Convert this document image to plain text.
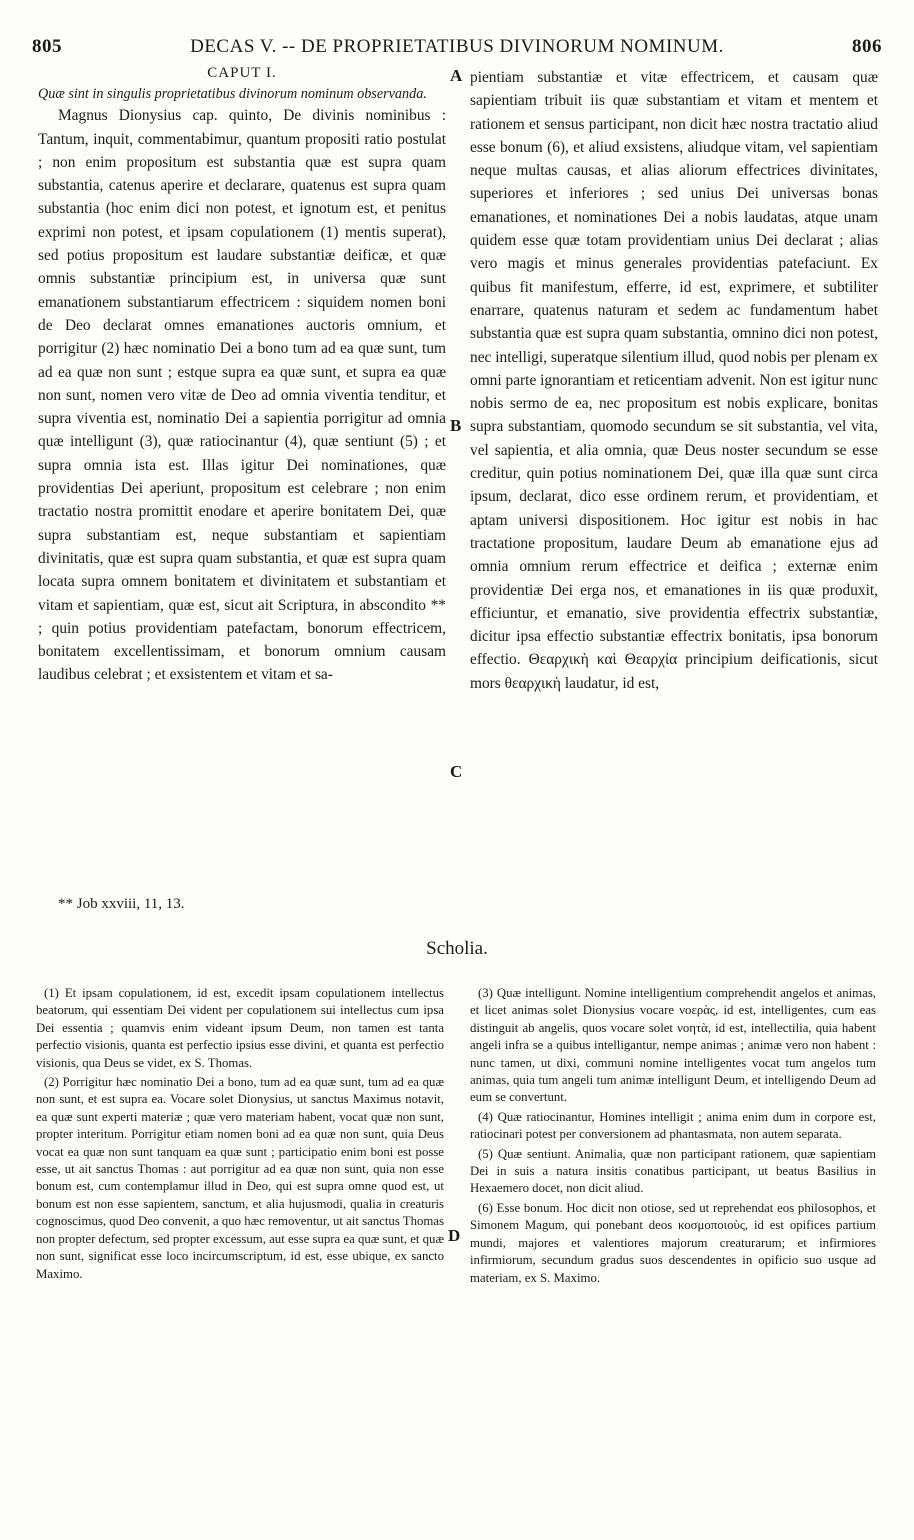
805	DECAS V. -- DE PROPRIETATIBUS DIVINORUM NOMINUM.	806

CAPUT I.

Quæ sint in singulis proprietatibus divinorum nominum observanda.

Magnus Dionysius cap. quinto, De divinis nominibus : Tantum, inquit, commentabimur, quantum propositi ratio postulat ; non enim propositum est substantia quæ est supra quam substantia, catenus aperire et declarare, quatenus est supra quam substantia (hoc enim dici non potest, et ignotum est, et penitus exprimi non potest, et ipsam copulationem (1) mentis superat), sed potius propositum est laudare substantiæ deificæ, et quæ omnis substantiæ principium est, in universa quæ sunt emanationem substantiarum effectricem : siquidem nomen boni de Deo declarat omnes emanationes auctoris omnium, et porrigitur (2) hæc nominatio Dei a bono tum ad ea quæ sunt, tum ad ea quæ non sunt ; estque supra ea quæ sunt, et supra ea quæ non sunt, nomen vero vitæ de Deo ad omnia viventia tenditur, et supra viventia est, nominatio Dei a sapientia porrigitur ad omnia quæ intelligunt (3), quæ ratiocinantur (4), quæ sentiunt (5) ; et supra omnia ista est. Illas igitur Dei nominationes, quæ providentias Dei aperiunt, propositum est celebrare ; non enim tractatio nostra promittit enodare et aperire bonitatem Dei, quæ supra substantiam est, neque substantiam et sapientiam divinitatis, quæ est supra quam substantia, et quæ est supra quam locata supra omnem bonitatem et divinitatem et substantiam et vitam et sapientiam, quæ est, sicut ait Scriptura, in abscondito ** ; quin potius providentiam patefactam, bonorum effectricem, bonitatem excellentissimam, et bonorum omnium causam laudibus celebrat ; et exsistentem et vitam et sa-

pientiam substantiæ et vitæ effectricem, et causam quæ sapientiam tribuit iis quæ substantiam et vitam et mentem et rationem et sensus participant, non dicit hæc nostra tractatio aliud esse bonum (6), et aliud exsistens, aliudque vitam, vel sapientiam neque multas causas, et alias aliorum effectrices divinitates, superiores et inferiores ; sed unius Dei universas bonas emanationes, et nominationes Dei a nobis laudatas, atque unam quidem esse quæ totam providentiam unius Dei declarat ; alias vero magis et minus generales providentias patefaciunt. Ex quibus fit manifestum, efferre, id est, exprimere, et subtiliter enarrare, quatenus naturam et sedem ac fundamentum habet substantia quæ est supra quam substantia, omnino dici non potest, nec intelligi, superatque silentium illud, quod nobis per plenam ex omni parte ignorantiam et reticentiam advenit. Non est igitur nunc nobis sermo de ea, nec propositum est nobis explicare, bonitas supra substantiam, quomodo secundum se sit substantia, vel vita, vel sapientia, et alia omnia, quæ Deus noster secundum se esse creditur, quin potius nominationem Dei, quæ illa quæ sunt circa ipsum, declarat, dico esse ordinem rerum, et providentiam, et aptam universi dispositionem. Hoc igitur est nobis in hac tractatione propositum, laudare Deum ab emanatione ejus ad omnia omnium rerum effectrice et deifica ; externæ enim providentiæ Dei erga nos, et emanationes in iis quæ produxit, efficiuntur, et emanatio, sive providentia effectrix substantiæ, dicitur ipsa effectio substantiæ effectrix bonitatis, ipsa bonorum effectio. Θεαρχικὴ καὶ Θεαρχία principium deificationis, sicut mors θεαρχικὴ laudatur, id est,

A
B
C
D
** Job xxviii, 11, 13.
Scholia.

(1) Et ipsam copulationem, id est, excedit ipsam copulationem intellectus beatorum, qui essentiam Dei vident per copulationem sui intellectus cum ipsa Dei essentia ; quamvis enim videant ipsum Deum, non tamen est tanta perfectio visionis, quanta est perfectio ipsius esse divini, et quanta est perfectio visionis, qua Deus se videt, ex S. Thomas.

(2) Porrigitur hæc nominatio Dei a bono, tum ad ea quæ sunt, tum ad ea quæ non sunt, et est supra ea. Vocare solet Dionysius, ut sanctus Maximus notavit, ea quæ sunt experti materiæ ; quæ vero materiam habent, vocat quæ non sunt, propter interitum. Porrigitur etiam nomen boni ad ea quæ non sunt, quia Deus vocat ea quæ non sunt tanquam ea quæ sunt ; participatio enim boni est posse esse, ut ait sanctus Thomas : aut porrigitur ad ea quæ non sunt, quia non esse bonum est, cum contemplamur illud in Deo, qui est supra omne quod est, ut bonum est non esse sapientem, sanctum, et alia hujusmodi, qualia in creaturis cognoscimus, quod Deo convenit, a quo hæc removentur, ut ait sanctus Thomas non propter defectum, sed propter excessum, aut esse supra ea quæ sunt, et quæ non sunt, significat esse loco incircumscriptum, id est, esse ubique, ex sancto Maximo.

(3) Quæ intelligunt. Nomine intelligentium comprehendit angelos et animas, et licet animas solet Dionysius vocare νοερὰς, id est, intelligentes, cum eas distinguit ab angelis, quos vocare solet νοητὰ, id est, intellectilia, quia habent angeli infra se a quibus intelligantur, nempe animas ; animæ vero non habent : nunc tamen, ut dixi, communi nomine intelligentes vocat tum angelos tum animas, quia tum angeli tum animæ intelligunt Deum, et intelligendo Deum ad eum se convertunt.

(4) Quæ ratiocinantur, Homines intelligit ; anima enim dum in corpore est, ratiocinari potest per conversionem ad phantasmata, non autem separata.

(5) Quæ sentiunt. Animalia, quæ non participant rationem, quæ sapientiam Dei in suis a natura insitis conatibus participant, ut beatus Basilius in Hexaemero docet, non dicit aliud.

(6) Esse bonum. Hoc dicit non otiose, sed ut reprehendat eos philosophos, et Simonem Magum, qui ponebant deos κοσμοποιοὺς, id est opifices partium mundi, majores et valentiores majorum creaturarum; et infirmiores infirmiorum, secundum gradus suos descendentes in opificio suo usque ad materiam, ex S. Maximo.
